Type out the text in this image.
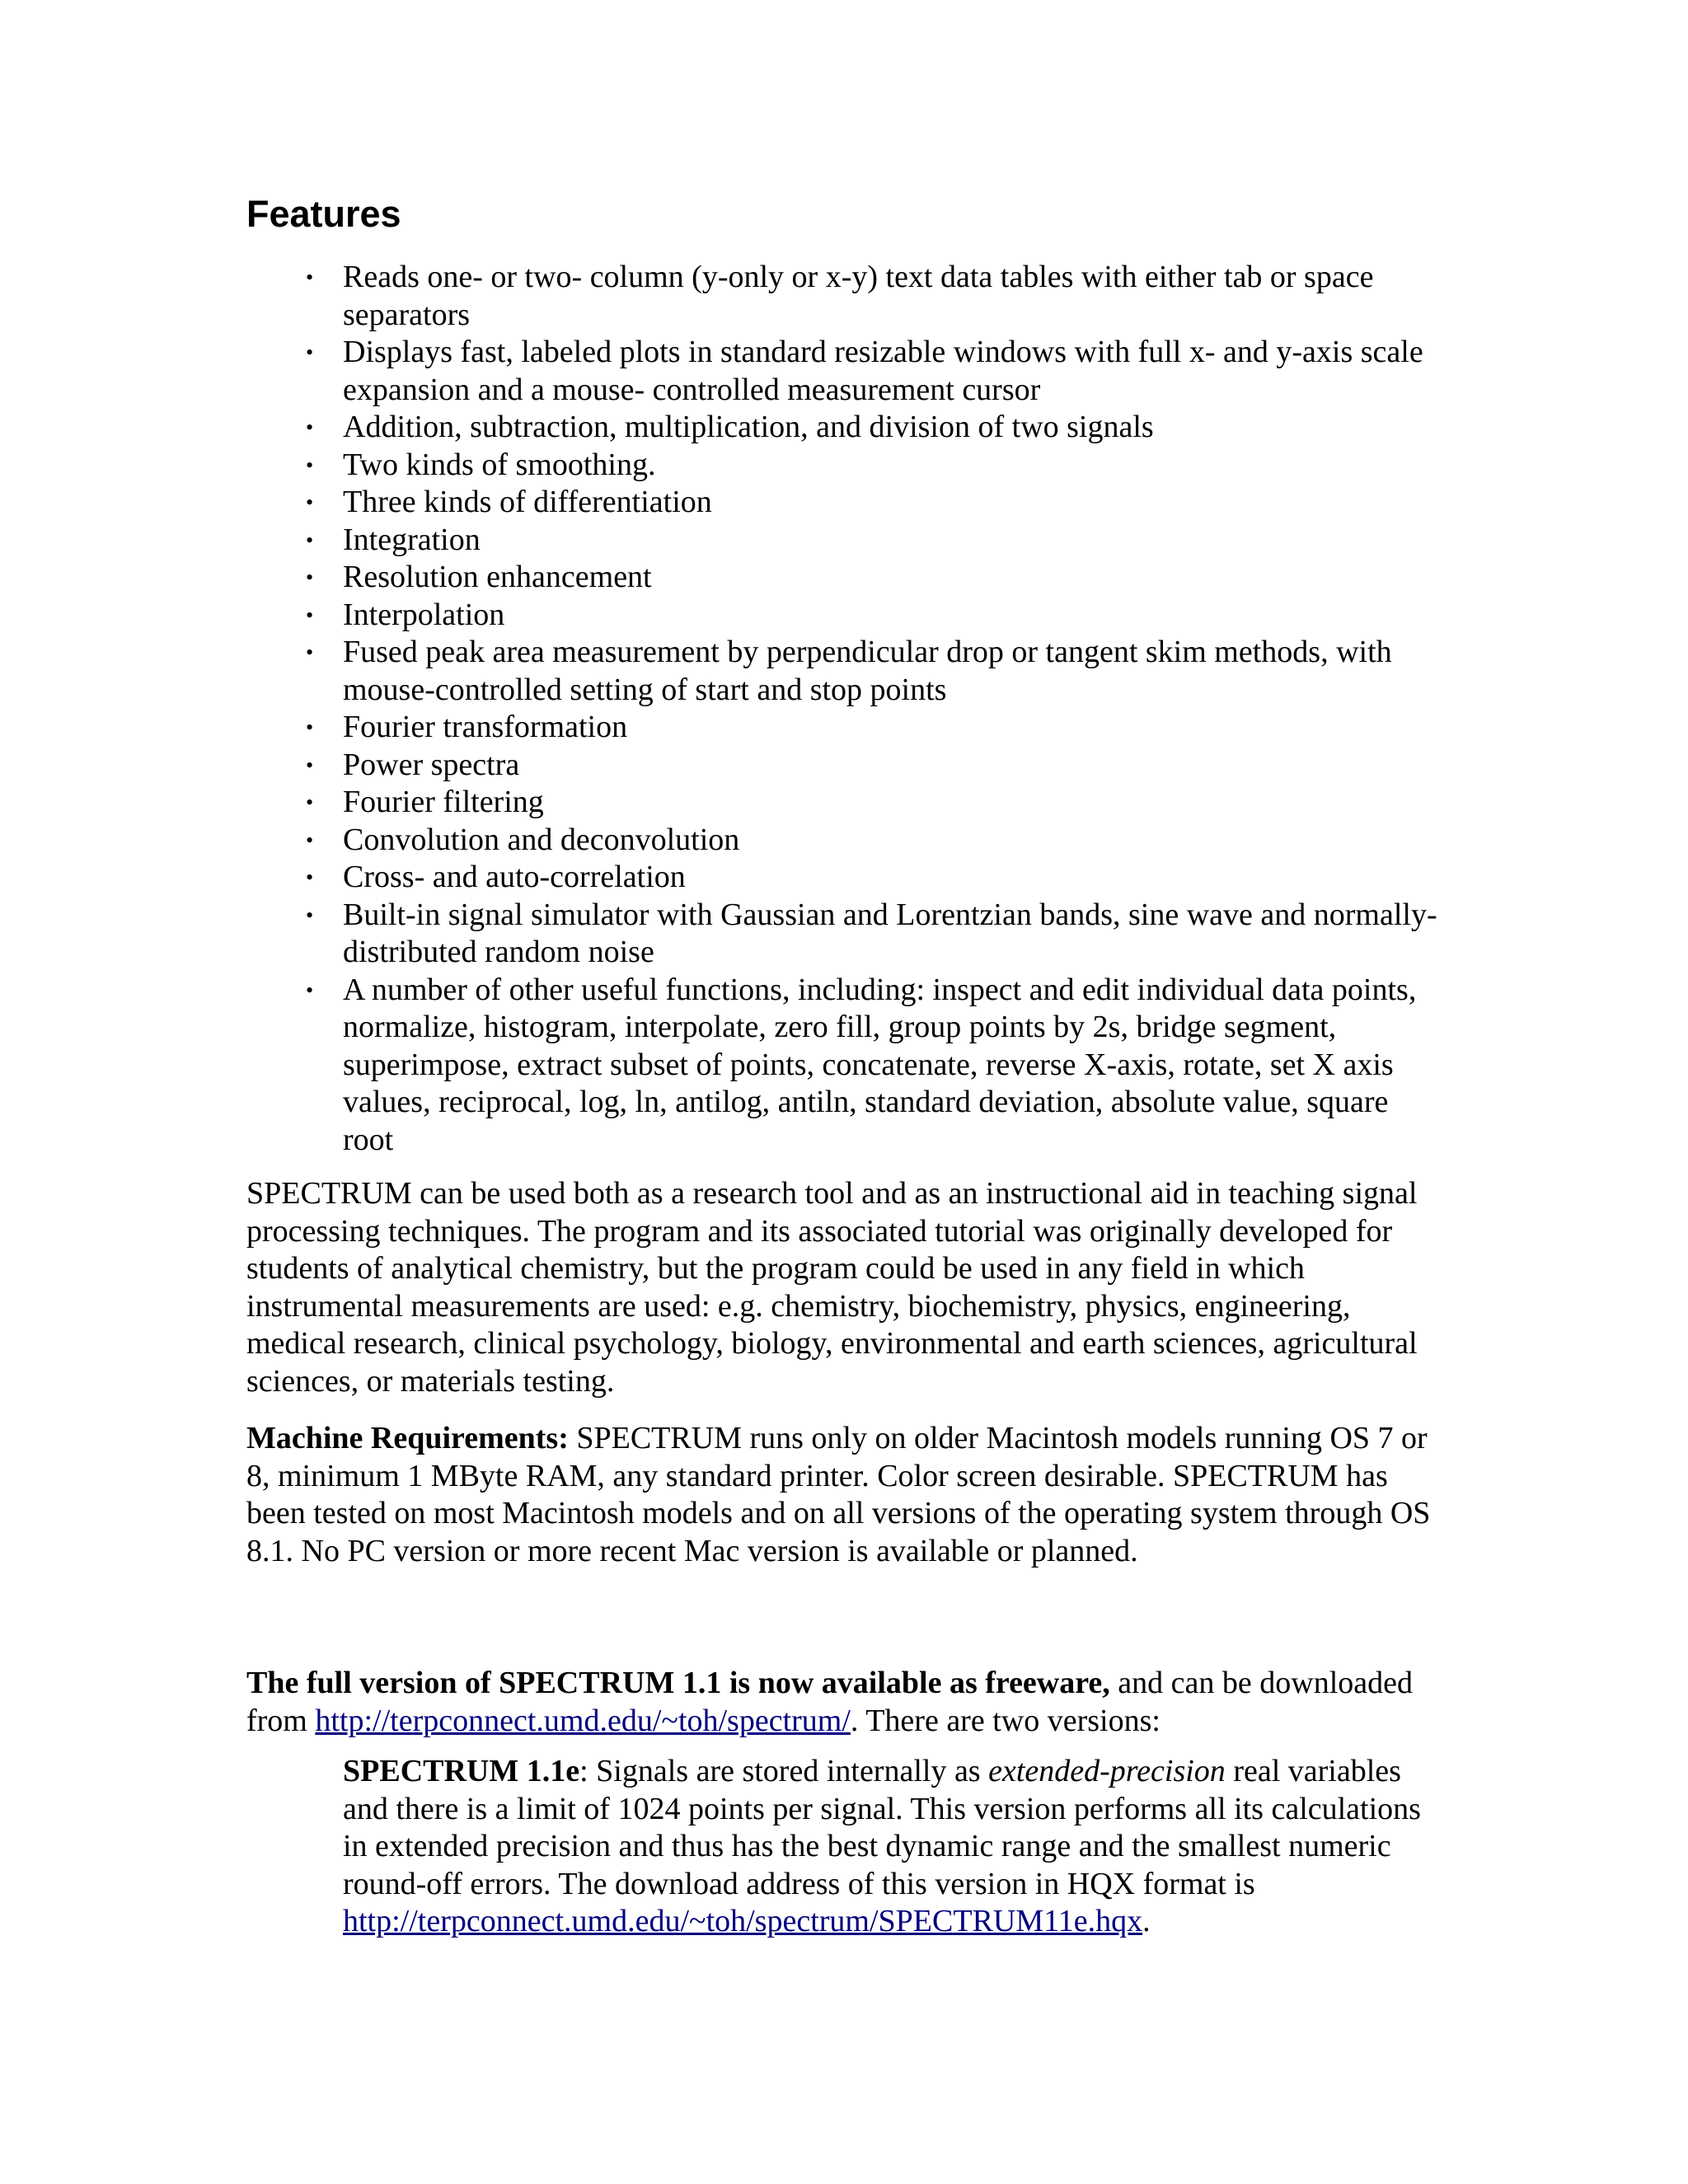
Features
• Reads one- or two- column (y-only or x-y) text data tables with either tab or space separators
• Displays fast, labeled plots in standard resizable windows with full x- and y-axis scale expansion and a mouse- controlled measurement cursor
• Addition, subtraction, multiplication, and division of two signals
• Two kinds of smoothing.
• Three kinds of differentiation
• Integration
• Resolution enhancement
• Interpolation
• Fused peak area measurement by perpendicular drop or tangent skim methods, with mouse-controlled setting of start and stop points
• Fourier transformation
• Power spectra
• Fourier filtering
• Convolution and deconvolution
• Cross- and auto-correlation
• Built-in signal simulator with Gaussian and Lorentzian bands, sine wave and normally-distributed random noise
• A number of other useful functions, including: inspect and edit individual data points, normalize, histogram, interpolate, zero fill, group points by 2s, bridge segment, superimpose, extract subset of points, concatenate, reverse X-axis, rotate, set X axis values, reciprocal, log, ln, antilog, antiln, standard deviation, absolute value, square root

SPECTRUM can be used both as a research tool and as an instructional aid in teaching signal processing techniques. The program and its associated tutorial was originally developed for students of analytical chemistry, but the program could be used in any field in which instrumental measurements are used: e.g. chemistry, biochemistry, physics, engineering, medical research, clinical psychology, biology, environmental and earth sciences, agricultural sciences, or materials testing.

Machine Requirements: SPECTRUM runs only on older Macintosh models running OS 7 or 8, minimum 1 MByte RAM, any standard printer. Color screen desirable. SPECTRUM has been tested on most Macintosh models and on all versions of the operating system through OS 8.1. No PC version or more recent Mac version is available or planned.

The full version of SPECTRUM 1.1 is now available as freeware, and can be downloaded from http://terpconnect.umd.edu/~toh/spectrum/. There are two versions:

SPECTRUM 1.1e: Signals are stored internally as extended-precision real variables and there is a limit of 1024 points per signal. This version performs all its calculations in extended precision and thus has the best dynamic range and the smallest numeric round-off errors. The download address of this version in HQX format is http://terpconnect.umd.edu/~toh/spectrum/SPECTRUM11e.hqx.
